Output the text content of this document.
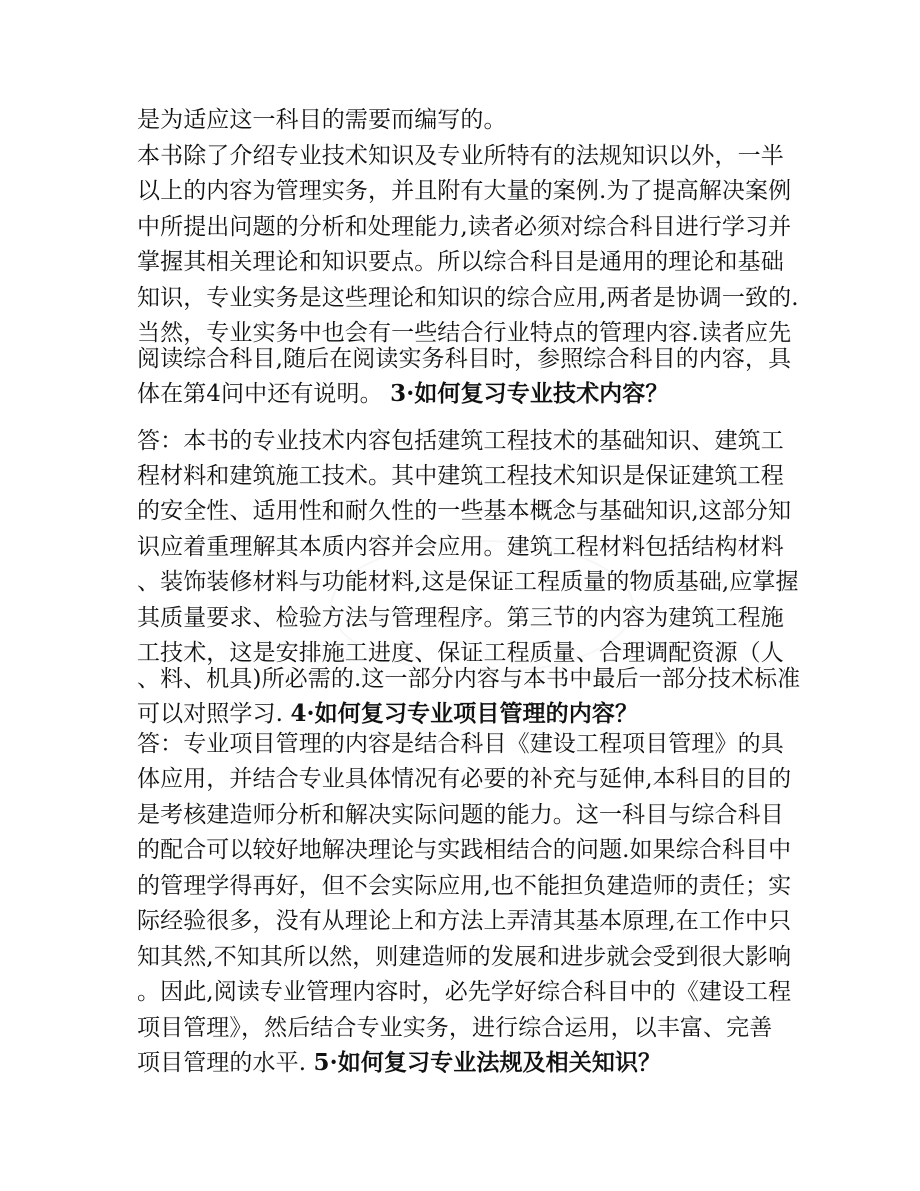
是为适应这一科目的需要而编写的。
本书除了介绍专业技术知识及专业所特有的法规知识以外，一半
以上的内容为管理实务，并且附有大量的案例.为了提高解决案例
中所提出问题的分析和处理能力,读者必须对综合科目进行学习并
掌握其相关理论和知识要点。所以综合科目是通用的理论和基础
知识，专业实务是这些理论和知识的综合应用,两者是协调一致的.
当然，专业实务中也会有一些结合行业特点的管理内容.读者应先
阅读综合科目,随后在阅读实务科目时，参照综合科目的内容，具
体在第4问中还有说明。 3·如何复习专业技术内容？
答：本书的专业技术内容包括建筑工程技术的基础知识、建筑工
程材料和建筑施工技术。其中建筑工程技术知识是保证建筑工程
的安全性、适用性和耐久性的一些基本概念与基础知识,这部分知
识应着重理解其本质内容并会应用。建筑工程材料包括结构材料
、装饰装修材料与功能材料,这是保证工程质量的物质基础,应掌握
其质量要求、检验方法与管理程序。第三节的内容为建筑工程施
工技术，这是安排施工进度、保证工程质量、合理调配资源（人
、料、机具)所必需的.这一部分内容与本书中最后一部分技术标准
可以对照学习. 4·如何复习专业项目管理的内容？
答：专业项目管理的内容是结合科目《建设工程项目管理》的具
体应用，并结合专业具体情况有必要的补充与延伸,本科目的目的
是考核建造师分析和解决实际问题的能力。这一科目与综合科目
的配合可以较好地解决理论与实践相结合的问题.如果综合科目中
的管理学得再好，但不会实际应用,也不能担负建造师的责任；实
际经验很多，没有从理论上和方法上弄清其基本原理,在工作中只
知其然,不知其所以然，则建造师的发展和进步就会受到很大影响
。因此,阅读专业管理内容时，必先学好综合科目中的《建设工程
项目管理》，然后结合专业实务，进行综合运用，以丰富、完善
项目管理的水平. 5·如何复习专业法规及相关知识？
